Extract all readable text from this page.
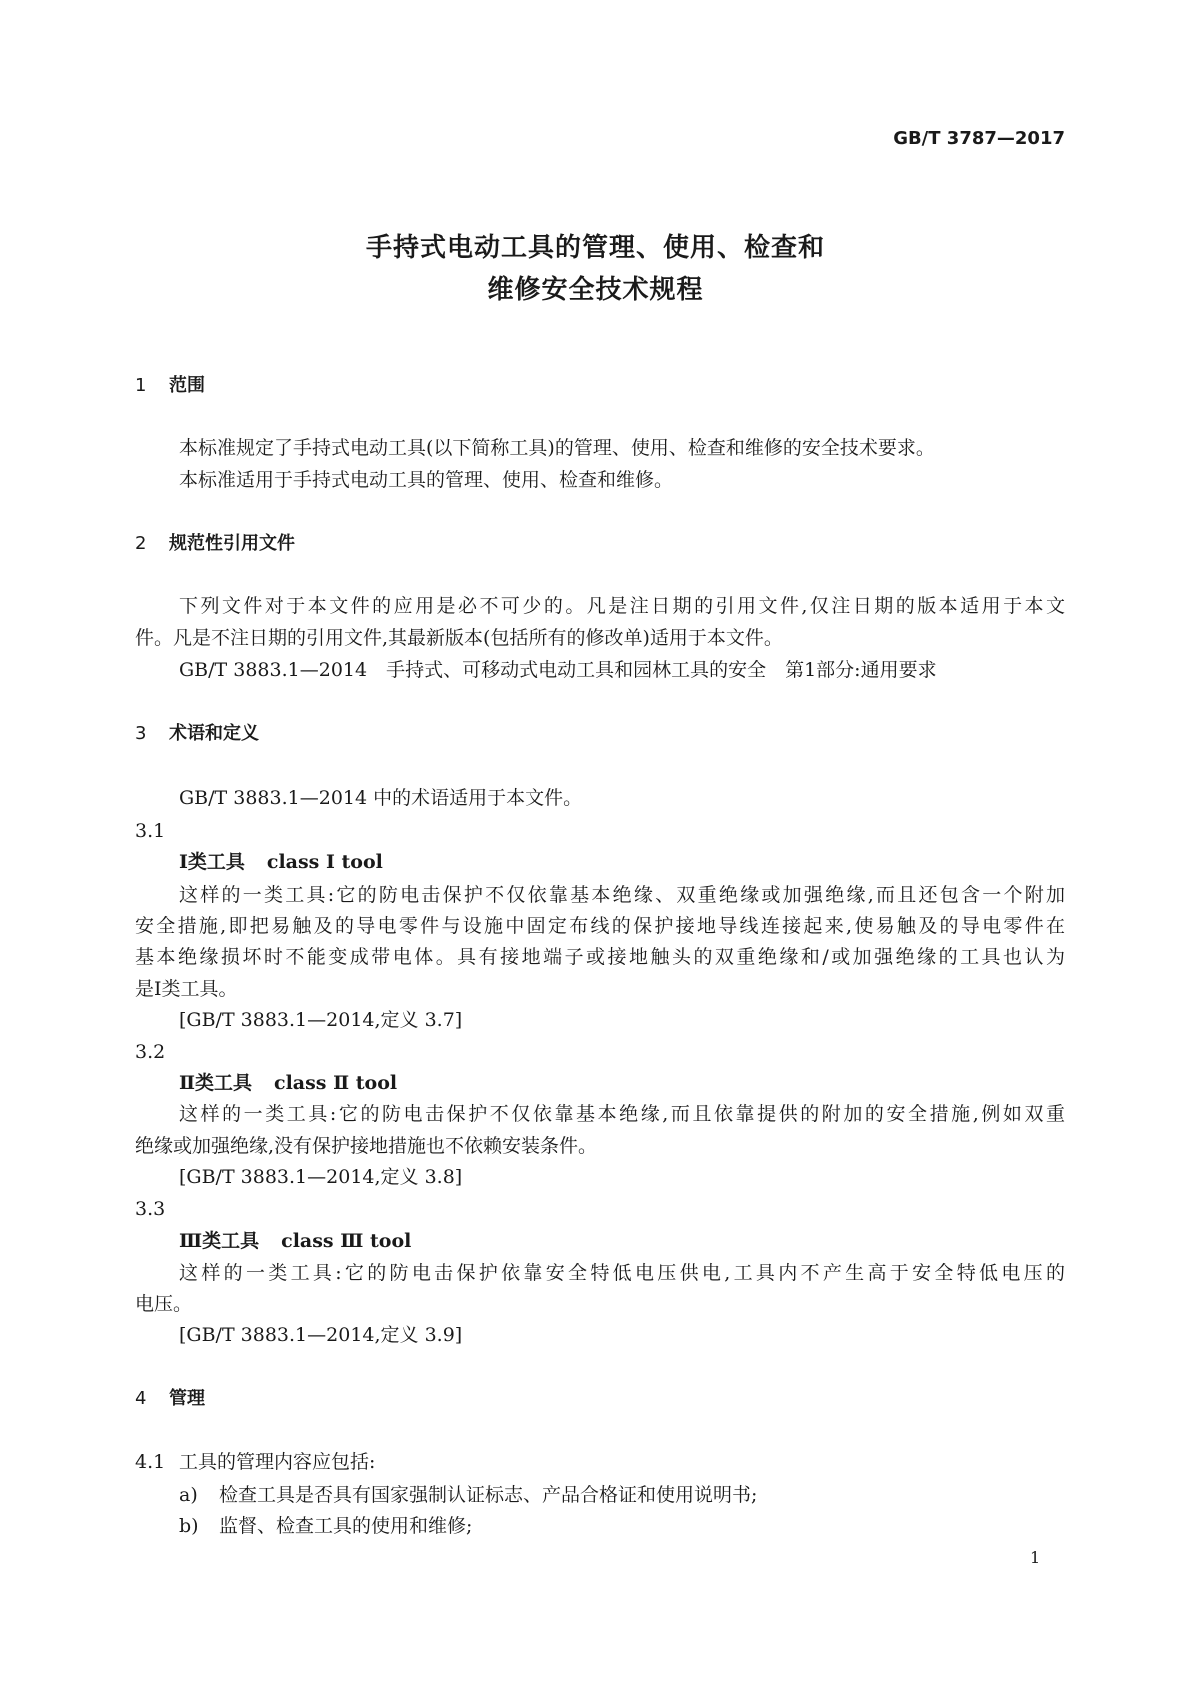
GB/T 3787—2017
手持式电动工具的管理、使用、检查和
维修安全技术规程
1 范围
本标准规定了手持式电动工具(以下简称工具)的管理、使用、检查和维修的安全技术要求。
本标准适用于手持式电动工具的管理、使用、检查和维修。
2 规范性引用文件
下列文件对于本文件的应用是必不可少的。凡是注日期的引用文件,仅注日期的版本适用于本文
件。凡是不注日期的引用文件,其最新版本(包括所有的修改单)适用于本文件。
GB/T 3883.1—2014　手持式、可移动式电动工具和园林工具的安全　第1部分:通用要求
3 术语和定义
GB/T 3883.1—2014 中的术语适用于本文件。
3.1
Ⅰ类工具 class Ⅰ tool
这样的一类工具:它的防电击保护不仅依靠基本绝缘、双重绝缘或加强绝缘,而且还包含一个附加
安全措施,即把易触及的导电零件与设施中固定布线的保护接地导线连接起来,使易触及的导电零件在
基本绝缘损坏时不能变成带电体。具有接地端子或接地触头的双重绝缘和/或加强绝缘的工具也认为
是Ⅰ类工具。
[GB/T 3883.1—2014,定义 3.7]
3.2
Ⅱ类工具 class Ⅱ tool
这样的一类工具:它的防电击保护不仅依靠基本绝缘,而且依靠提供的附加的安全措施,例如双重
绝缘或加强绝缘,没有保护接地措施也不依赖安装条件。
[GB/T 3883.1—2014,定义 3.8]
3.3
Ⅲ类工具 class Ⅲ tool
这样的一类工具:它的防电击保护依靠安全特低电压供电,工具内不产生高于安全特低电压的
电压。
[GB/T 3883.1—2014,定义 3.9]
4 管理
4.1 工具的管理内容应包括:
a) 检查工具是否具有国家强制认证标志、产品合格证和使用说明书;
b) 监督、检查工具的使用和维修;
1
